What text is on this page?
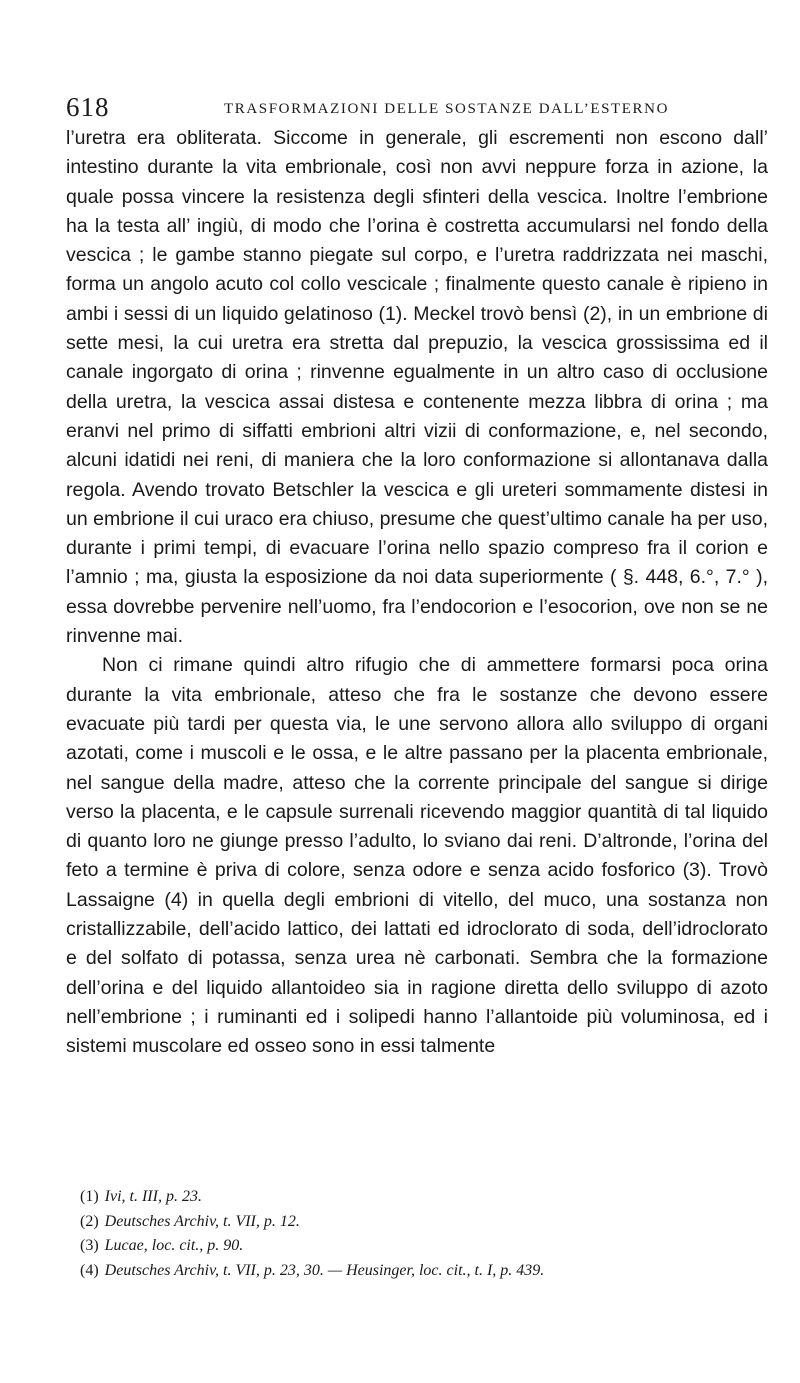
618	TRASFORMAZIONI DELLE SOSTANZE DALL’ESTERNO

l’uretra era obliterata. Siccome in generale, gli escrementi non escono dall’ intestino durante la vita embrionale, così non avvi neppure forza in azione, la quale possa vincere la resistenza degli sfinteri della vescica. Inoltre l’embrione ha la testa all’ ingiù, di modo che l’orina è costretta accumularsi nel fondo della vescica ; le gambe stanno piegate sul corpo, e l’uretra raddrizzata nei maschi, forma un angolo acuto col collo vescicale ; finalmente questo canale è ripieno in ambi i sessi di un liquido gelatinoso (1). Meckel trovò bensì (2), in un embrione di sette mesi, la cui uretra era stretta dal prepuzio, la vescica grossissima ed il canale ingorgato di orina ; rinvenne egualmente in un altro caso di occlusione della uretra, la vescica assai distesa e contenente mezza libbra di orina ; ma eranvi nel primo di siffatti embrioni altri vizii di conformazione, e, nel secondo, alcuni idatidi nei reni, di maniera che la loro conformazione si allontanava dalla regola. Avendo trovato Betschler la vescica e gli ureteri sommamente distesi in un embrione il cui uraco era chiuso, presume che quest’ultimo canale ha per uso, durante i primi tempi, di evacuare l’orina nello spazio compreso fra il corion e l’amnio ; ma, giusta la esposizione da noi data superiormente ( §. 448, 6.°, 7.° ), essa dovrebbe pervenire nell’uomo, fra l’endocorion e l’esocorion, ove non se ne rinvenne mai.

Non ci rimane quindi altro rifugio che di ammettere formarsi poca orina durante la vita embrionale, atteso che fra le sostanze che devono essere evacuate più tardi per questa via, le une servono allora allo sviluppo di organi azotati, come i muscoli e le ossa, e le altre passano per la placenta embrionale, nel sangue della madre, atteso che la corrente principale del sangue si dirige verso la placenta, e le capsule surrenali ricevendo maggior quantità di tal liquido di quanto loro ne giunge presso l’adulto, lo sviano dai reni. D’altronde, l’orina del feto a termine è priva di colore, senza odore e senza acido fosforico (3). Trovò Lassaigne (4) in quella degli embrioni di vitello, del muco, una sostanza non cristallizzabile, dell’acido lattico, dei lattati ed idroclorato di soda, dell’idroclorato e del solfato di potassa, senza urea nè carbonati. Sembra che la formazione dell’orina e del liquido allantoideo sia in ragione diretta dello sviluppo di azoto nell’embrione ; i ruminanti ed i solipedi hanno l’allantoide più voluminosa, ed i sistemi muscolare ed osseo sono in essi talmente

(1) Ivi, t. III, p. 23.
(2) Deutsches Archiv, t. VII, p. 12.
(3) Lucae, loc. cit., p. 90.
(4) Deutsches Archiv, t. VII, p. 23, 30. — Heusinger, loc. cit., t. I, p. 439.
